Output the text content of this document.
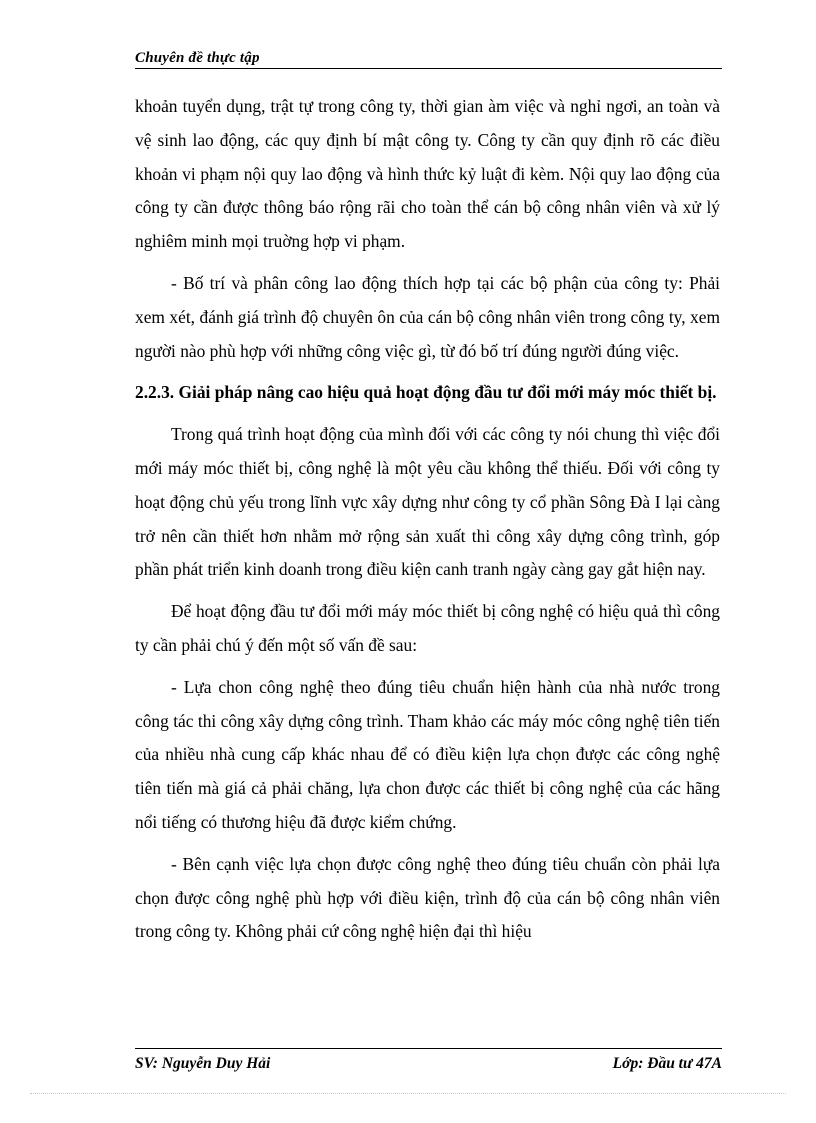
Chuyên đề thực tập

khoản tuyển dụng, trật tự trong công ty, thời gian àm việc và nghỉ ngơi, an toàn và vệ sinh lao động, các quy định bí mật công ty. Công ty cần quy định rõ các điều khoản vi phạm nội quy lao động và hình thức kỷ luật đi kèm. Nội quy lao động của công ty cần được thông báo rộng rãi cho toàn thể cán bộ công nhân viên và xử lý nghiêm minh mọi truờng hợp vi phạm.

- Bố trí và phân công lao động thích hợp tại các bộ phận của công ty: Phải xem xét, đánh giá trình độ chuyên ôn của cán bộ công nhân viên trong công ty, xem người nào phù hợp với những công việc gì, từ đó bố trí đúng người đúng việc.

2.2.3. Giải pháp nâng cao hiệu quả hoạt động đầu tư đổi mới máy móc thiết bị.

Trong quá trình hoạt động của mình đối với các công ty nói chung thì việc đổi mới máy móc thiết bị, công nghệ là một yêu cầu không thể thiếu. Đối với công ty hoạt động chủ yếu trong lĩnh vực xây dựng như công ty cổ phần Sông Đà I lại càng trở nên cần thiết hơn nhằm mở rộng sản xuất thi công xây dựng công trình, góp phần phát triển kinh doanh trong điều kiện canh tranh ngày càng gay gắt hiện nay.

Để hoạt động đầu tư đổi mới máy móc thiết bị công nghệ có hiệu quả thì công ty cần phải chú ý đến một số vấn đề sau:

- Lựa chon công nghệ theo đúng tiêu chuẩn hiện hành của nhà nước trong công tác thi công xây dựng công trình. Tham khảo các máy móc công nghệ tiên tiến của nhiều nhà cung cấp khác nhau để có điều kiện lựa chọn được các công nghệ tiên tiến mà giá cả phải chăng, lựa chon được các thiết bị công nghệ của các hãng nổi tiếng có thương hiệu đã được kiểm chứng.

- Bên cạnh việc lựa chọn được công nghệ theo đúng tiêu chuẩn còn phải lựa chọn được công nghệ phù hợp với điều kiện, trình độ của cán bộ công nhân viên trong công ty. Không phải cứ công nghệ hiện đại thì hiệu

SV: Nguyễn Duy Hải	Lớp: Đầu tư 47A
